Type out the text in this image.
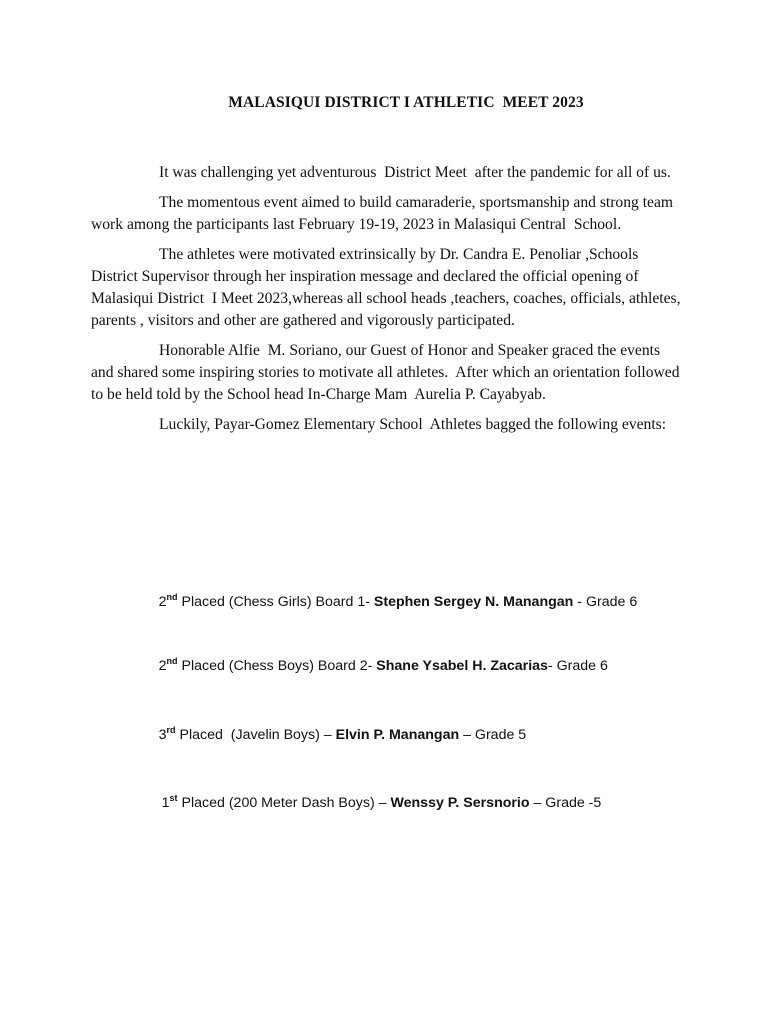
MALASIQUI DISTRICT I ATHLETIC  MEET 2023

It was challenging yet adventurous  District Meet  after the pandemic for all of us.

The momentous event aimed to build camaraderie, sportsmanship and strong team work among the participants last February 19-19, 2023 in Malasiqui Central  School.

The athletes were motivated extrinsically by Dr. Candra E. Penoliar ,Schools District Supervisor through her inspiration message and declared the official opening of Malasiqui District  I Meet 2023,whereas all school heads ,teachers, coaches, officials, athletes, parents , visitors and other are gathered and vigorously participated.

Honorable Alfie  M. Soriano, our Guest of Honor and Speaker graced the events and shared some inspiring stories to motivate all athletes.  After which an orientation followed  to be held told by the School head In-Charge Mam  Aurelia P. Cayabyab.

Luckily, Payar-Gomez Elementary School  Athletes bagged the following events:

2nd Placed (Chess Girls) Board 1- Stephen Sergey N. Manangan - Grade 6

2nd Placed (Chess Boys) Board 2- Shane Ysabel H. Zacarias- Grade 6

3rd Placed  (Javelin Boys) – Elvin P. Manangan – Grade 5

1st Placed (200 Meter Dash Boys) – Wenssy P. Sersnorio – Grade -5
